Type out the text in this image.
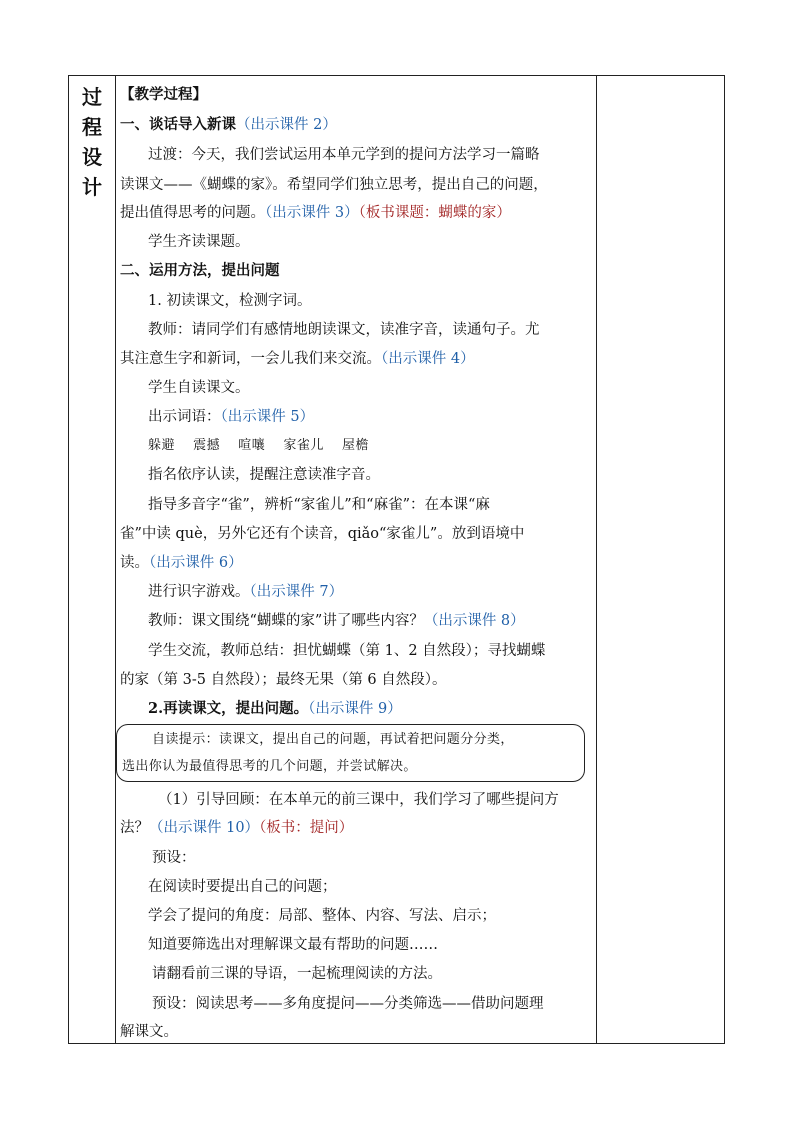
过
程
设
计
【教学过程】
一、谈话导入新课（出示课件 2）
过渡：今天，我们尝试运用本单元学到的提问方法学习一篇略
读课文——《蝴蝶的家》。希望同学们独立思考，提出自己的问题，
提出值得思考的问题。（出示课件 3）（板书课题：蝴蝶的家）
学生齐读课题。
二、运用方法，提出问题
1. 初读课文，检测字词。
教师：请同学们有感情地朗读课文，读准字音，读通句子。尤
其注意生字和新词，一会儿我们来交流。（出示课件 4）
学生自读课文。
出示词语：（出示课件 5）
躲避　 震撼　 喧嚷　 家雀儿　 屋檐
指名依序认读，提醒注意读准字音。
指导多音字“雀”，辨析“家雀儿”和“麻雀”：在本课“麻
雀”中读 què，另外它还有个读音，qiǎo“家雀儿”。放到语境中
读。（出示课件 6）
进行识字游戏。（出示课件 7）
教师：课文围绕“蝴蝶的家”讲了哪些内容？（出示课件 8）
学生交流，教师总结：担忧蝴蝶（第 1、2 自然段）；寻找蝴蝶
的家（第 3-5 自然段）；最终无果（第 6 自然段）。
2.再读课文，提出问题。（出示课件 9）
自读提示：读课文，提出自己的问题，再试着把问题分分类，
选出你认为最值得思考的几个问题，并尝试解决。
（1）引导回顾：在本单元的前三课中，我们学习了哪些提问方
法？（出示课件 10）（板书：提问）
预设：
在阅读时要提出自己的问题；
学会了提问的角度：局部、整体、内容、写法、启示；
知道要筛选出对理解课文最有帮助的问题……
请翻看前三课的导语，一起梳理阅读的方法。
预设：阅读思考——多角度提问——分类筛选——借助问题理
解课文。
